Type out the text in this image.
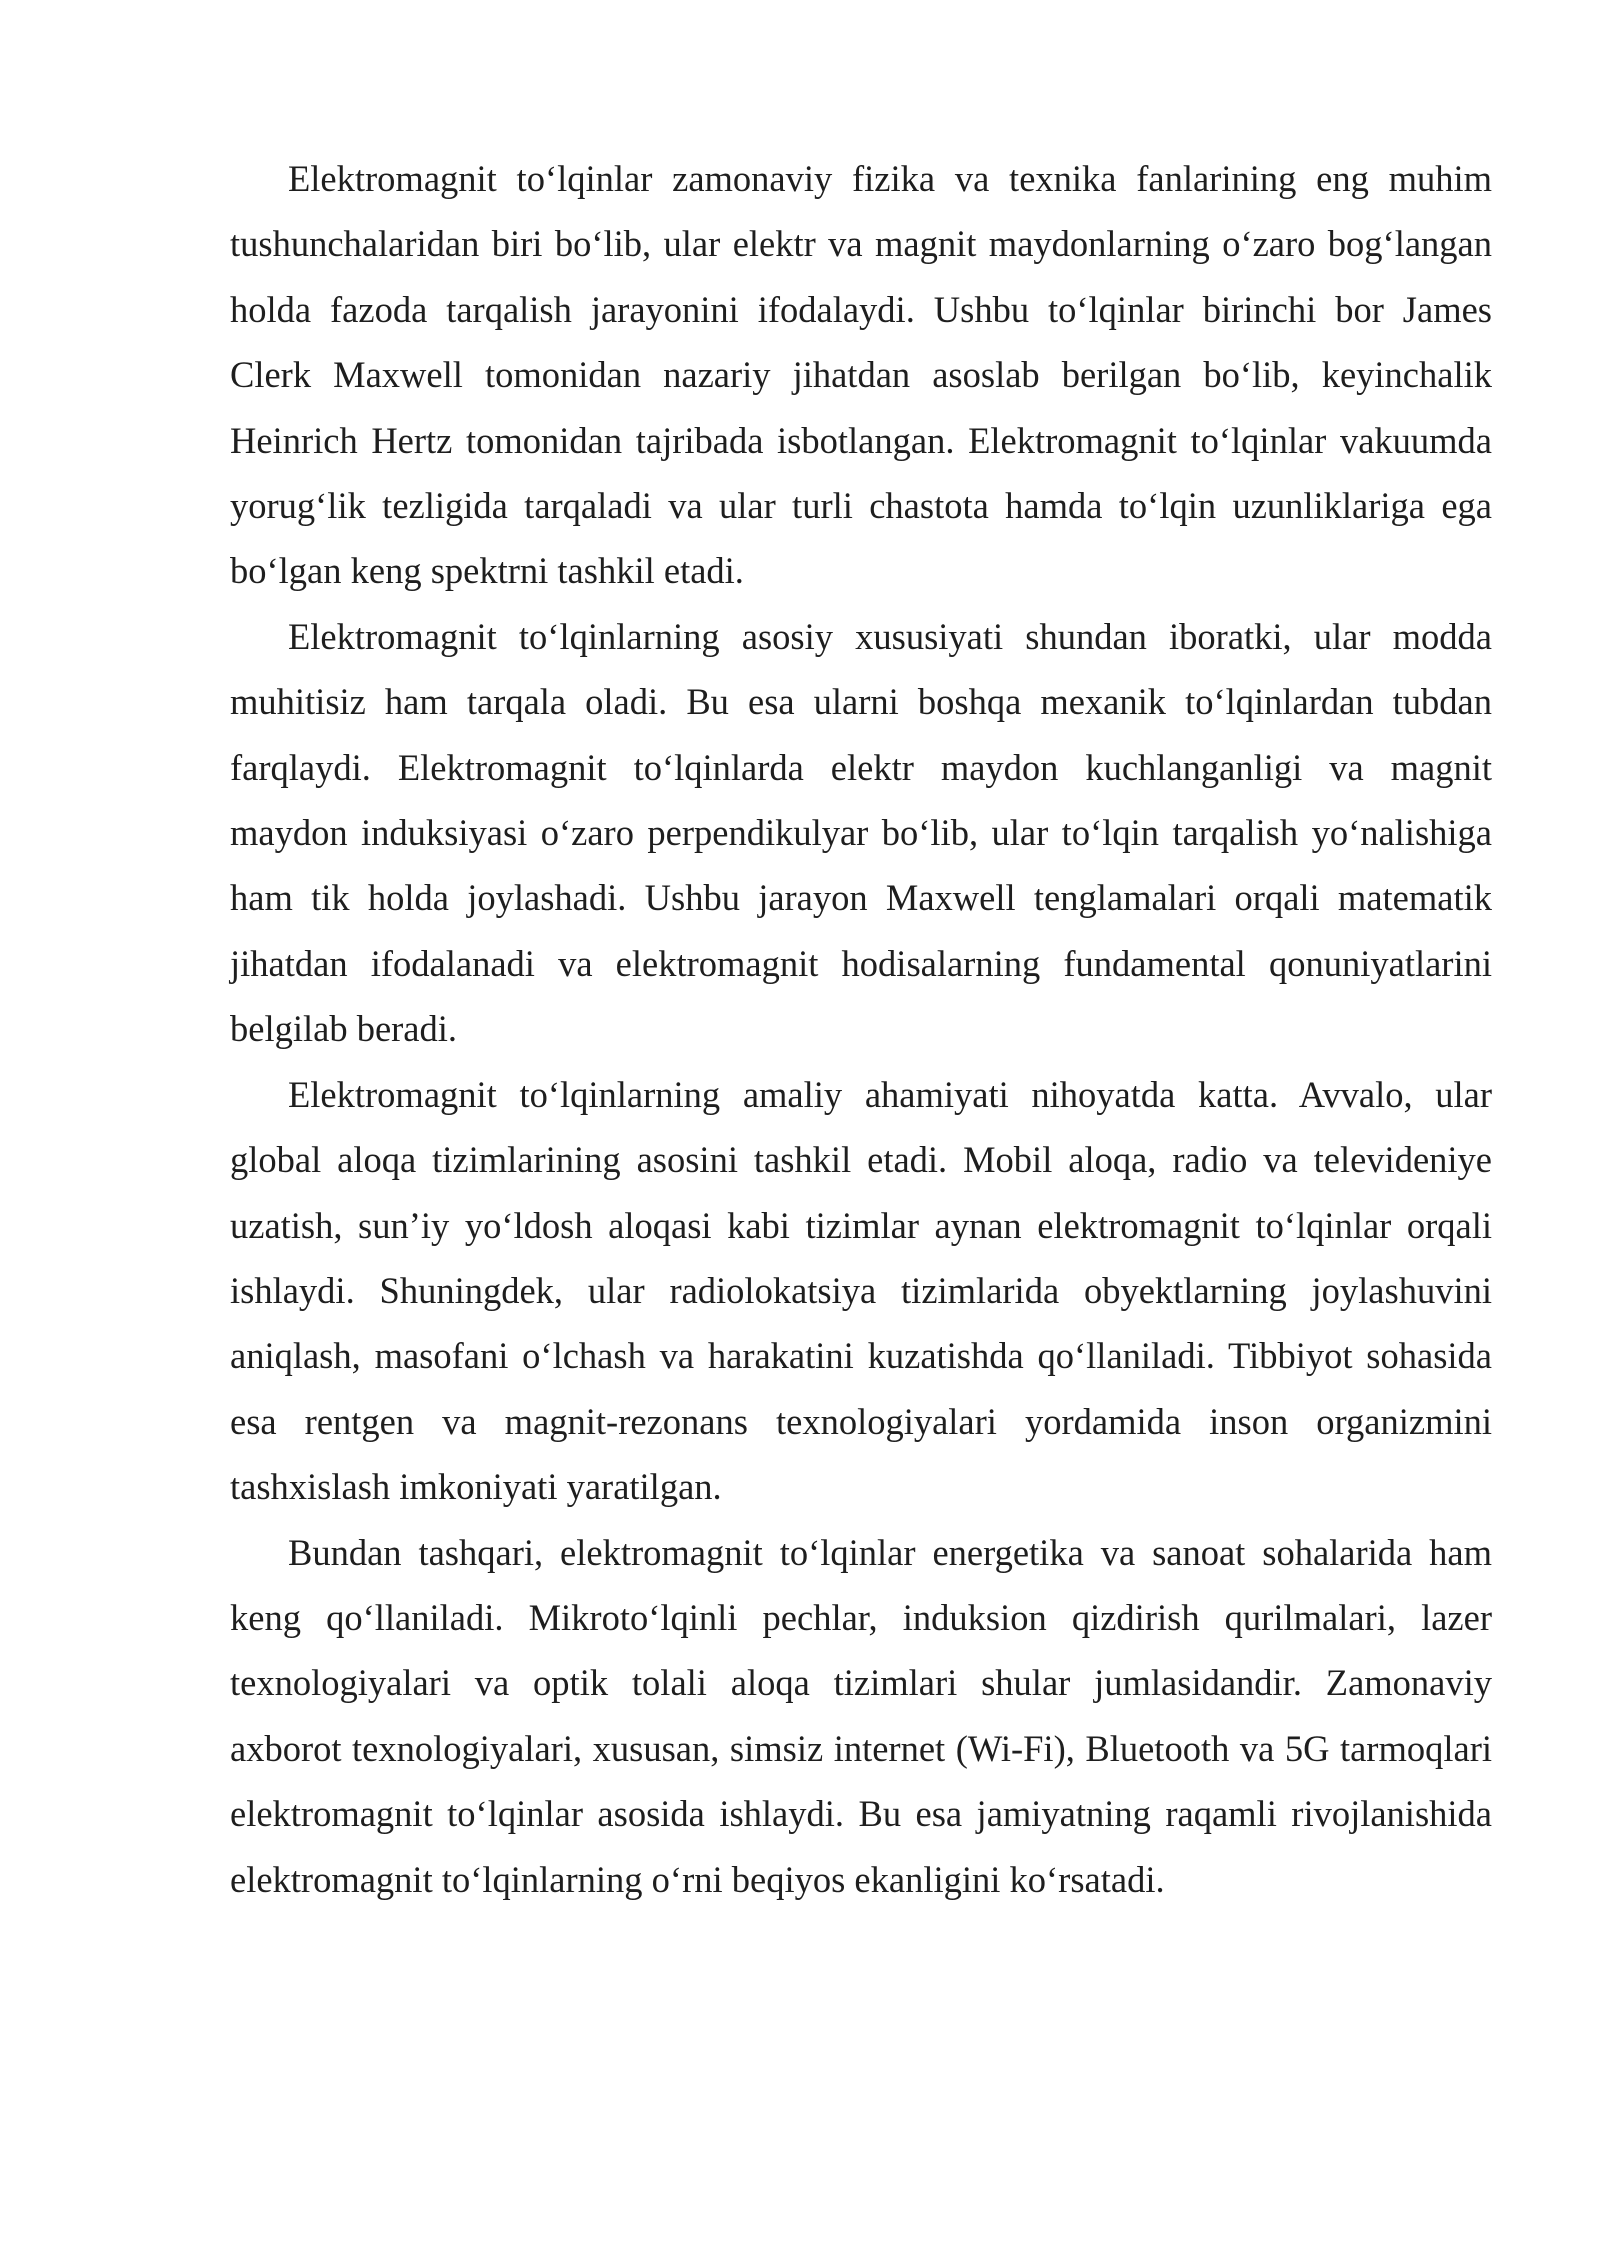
Elektromagnit to‘lqinlar zamonaviy fizika va texnika fanlarining eng muhim tushunchalaridan biri bo‘lib, ular elektr va magnit maydonlarning o‘zaro bog‘langan holda fazoda tarqalish jarayonini ifodalaydi. Ushbu to‘lqinlar birinchi bor James Clerk Maxwell tomonidan nazariy jihatdan asoslab berilgan bo‘lib, keyinchalik Heinrich Hertz tomonidan tajribada isbotlangan. Elektromagnit to‘lqinlar vakuumda yorug‘lik tezligida tarqaladi va ular turli chastota hamda to‘lqin uzunliklariga ega bo‘lgan keng spektrni tashkil etadi.

Elektromagnit to‘lqinlarning asosiy xususiyati shundan iboratki, ular modda muhitisiz ham tarqala oladi. Bu esa ularni boshqa mexanik to‘lqinlardan tubdan farqlaydi. Elektromagnit to‘lqinlarda elektr maydon kuchlanganligi va magnit maydon induksiyasi o‘zaro perpendikulyar bo‘lib, ular to‘lqin tarqalish yo‘nalishiga ham tik holda joylashadi. Ushbu jarayon Maxwell tenglamalari orqali matematik jihatdan ifodalanadi va elektromagnit hodisalarning fundamental qonuniyatlarini belgilab beradi.

Elektromagnit to‘lqinlarning amaliy ahamiyati nihoyatda katta. Avvalo, ular global aloqa tizimlarining asosini tashkil etadi. Mobil aloqa, radio va televideniye uzatish, sun’iy yo‘ldosh aloqasi kabi tizimlar aynan elektromagnit to‘lqinlar orqali ishlaydi. Shuningdek, ular radiolokatsiya tizimlarida obyektlarning joylashuvini aniqlash, masofani o‘lchash va harakatini kuzatishda qo‘llaniladi. Tibbiyot sohasida esa rentgen va magnit-rezonans texnologiyalari yordamida inson organizmini tashxislash imkoniyati yaratilgan.

Bundan tashqari, elektromagnit to‘lqinlar energetika va sanoat sohalarida ham keng qo‘llaniladi. Mikroto‘lqinli pechlar, induksion qizdirish qurilmalari, lazer texnologiyalari va optik tolali aloqa tizimlari shular jumlasidandir. Zamonaviy axborot texnologiyalari, xususan, simsiz internet (Wi-Fi), Bluetooth va 5G tarmoqlari elektromagnit to‘lqinlar asosida ishlaydi. Bu esa jamiyatning raqamli rivojlanishida elektromagnit to‘lqinlarning o‘rni beqiyos ekanligini ko‘rsatadi.
